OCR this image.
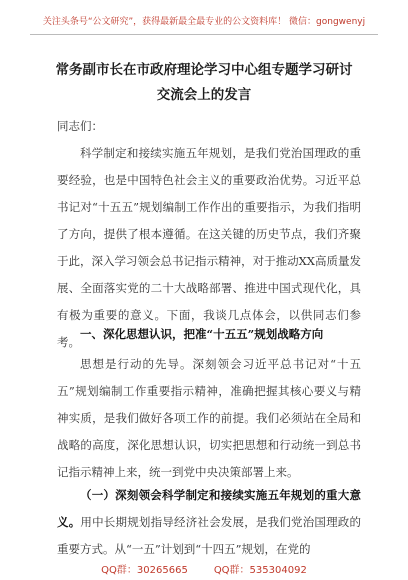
关注头条号“公文研究”，获得最新最全最专业的公文资料库！ 微信：gongwenyj
常务副市长在市政府理论学习中心组专题学习研讨交流会上的发言
同志们：
科学制定和接续实施五年规划，是我们党治国理政的重要经验，也是中国特色社会主义的重要政治优势。习近平总书记对“十五五”规划编制工作作出的重要指示，为我们指明了方向，提供了根本遵循。在这关键的历史节点，我们齐聚于此，深入学习领会总书记指示精神，对于推动XX高质量发展、全面落实党的二十大战略部署、推进中国式现代化，具有极为重要的意义。下面，我谈几点体会，以供同志们参考。
一、深化思想认识，把准“十五五”规划战略方向
思想是行动的先导。深刻领会习近平总书记对“十五五”规划编制工作重要指示精神，准确把握其核心要义与精神实质，是我们做好各项工作的前提。我们必须站在全局和战略的高度，深化思想认识，切实把思想和行动统一到总书记指示精神上来，统一到党中央决策部署上来。
（一）深刻领会科学制定和接续实施五年规划的重大意义。用中长期规划指导经济社会发展，是我们党治国理政的重要方式。从“一五”计划到“十四五”规划，在党的
QQ群：30265665	QQ群：535304092
